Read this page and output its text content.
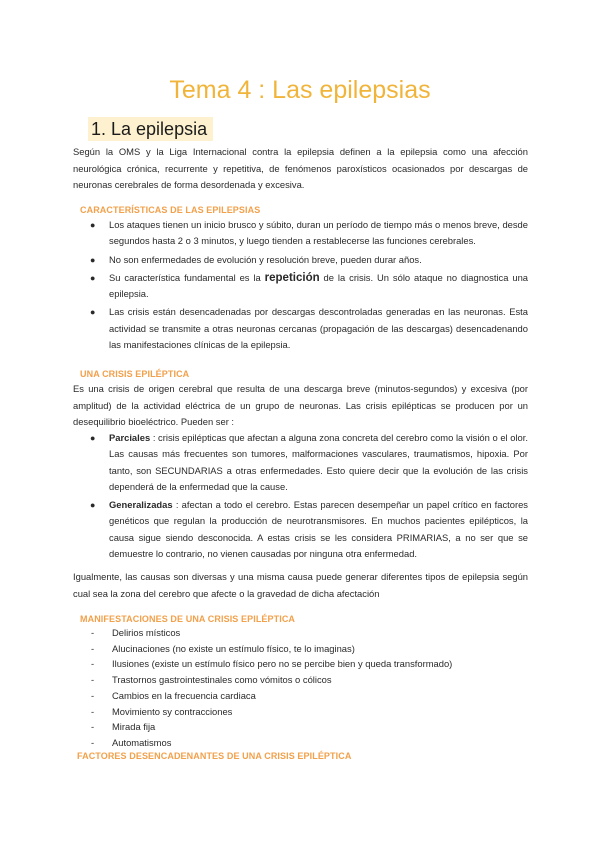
Tema 4 : Las epilepsias
1. La epilepsia
Según la OMS y la Liga Internacional contra la epilepsia definen a la epilepsia como una afección neurológica crónica, recurrente y repetitiva, de fenómenos paroxísticos ocasionados por descargas de neuronas cerebrales de forma desordenada y excesiva.
CARACTERÍSTICAS DE LAS EPILEPSIAS
● Los ataques tienen un inicio brusco y súbito, duran un período de tiempo más o menos breve, desde segundos hasta 2 o 3 minutos, y luego tienden a restablecerse las funciones cerebrales.
● No son enfermedades de evolución y resolución breve, pueden durar años.
● Su característica fundamental es la repetición de la crisis. Un sólo ataque no diagnostica una epilepsia.
● Las crisis están desencadenadas por descargas descontroladas generadas en las neuronas. Esta actividad se transmite a otras neuronas cercanas (propagación de las descargas) desencadenando las manifestaciones clínicas de la epilepsia.
UNA CRISIS EPILÉPTICA
Es una crisis de origen cerebral que resulta de una descarga breve (minutos-segundos) y excesiva (por amplitud) de la actividad eléctrica de un grupo de neuronas. Las crisis epilépticas se producen por un desequilibrio bioeléctrico. Pueden ser :
● Parciales : crisis epilépticas que afectan a alguna zona concreta del cerebro como la visión o el olor. Las causas más frecuentes son tumores, malformaciones vasculares, traumatismos, hipoxia. Por tanto, son SECUNDARIAS a otras enfermedades. Esto quiere decir que la evolución de las crisis dependerá de la enfermedad que la cause.
● Generalizadas : afectan a todo el cerebro. Estas parecen desempeñar un papel crítico en factores genéticos que regulan la producción de neurotransmisores. En muchos pacientes epilépticos, la causa sigue siendo desconocida. A estas crisis se les considera PRIMARIAS, a no ser que se demuestre lo contrario, no vienen causadas por ninguna otra enfermedad.
Igualmente, las causas son diversas y una misma causa puede generar diferentes tipos de epilepsia según cual sea la zona del cerebro que afecte o la gravedad de dicha afectación
MANIFESTACIONES DE UNA CRISIS EPILÉPTICA
- Delirios místicos
- Alucinaciones (no existe un estímulo físico, te lo imaginas)
- Ilusiones (existe un estímulo físico pero no se percibe bien y queda transformado)
- Trastornos gastrointestinales como vómitos o cólicos
- Cambios en la frecuencia cardiaca
- Movimiento sy contracciones
- Mirada fija
- Automatismos
FACTORES DESENCADENANTES DE UNA CRISIS EPILÉPTICA
